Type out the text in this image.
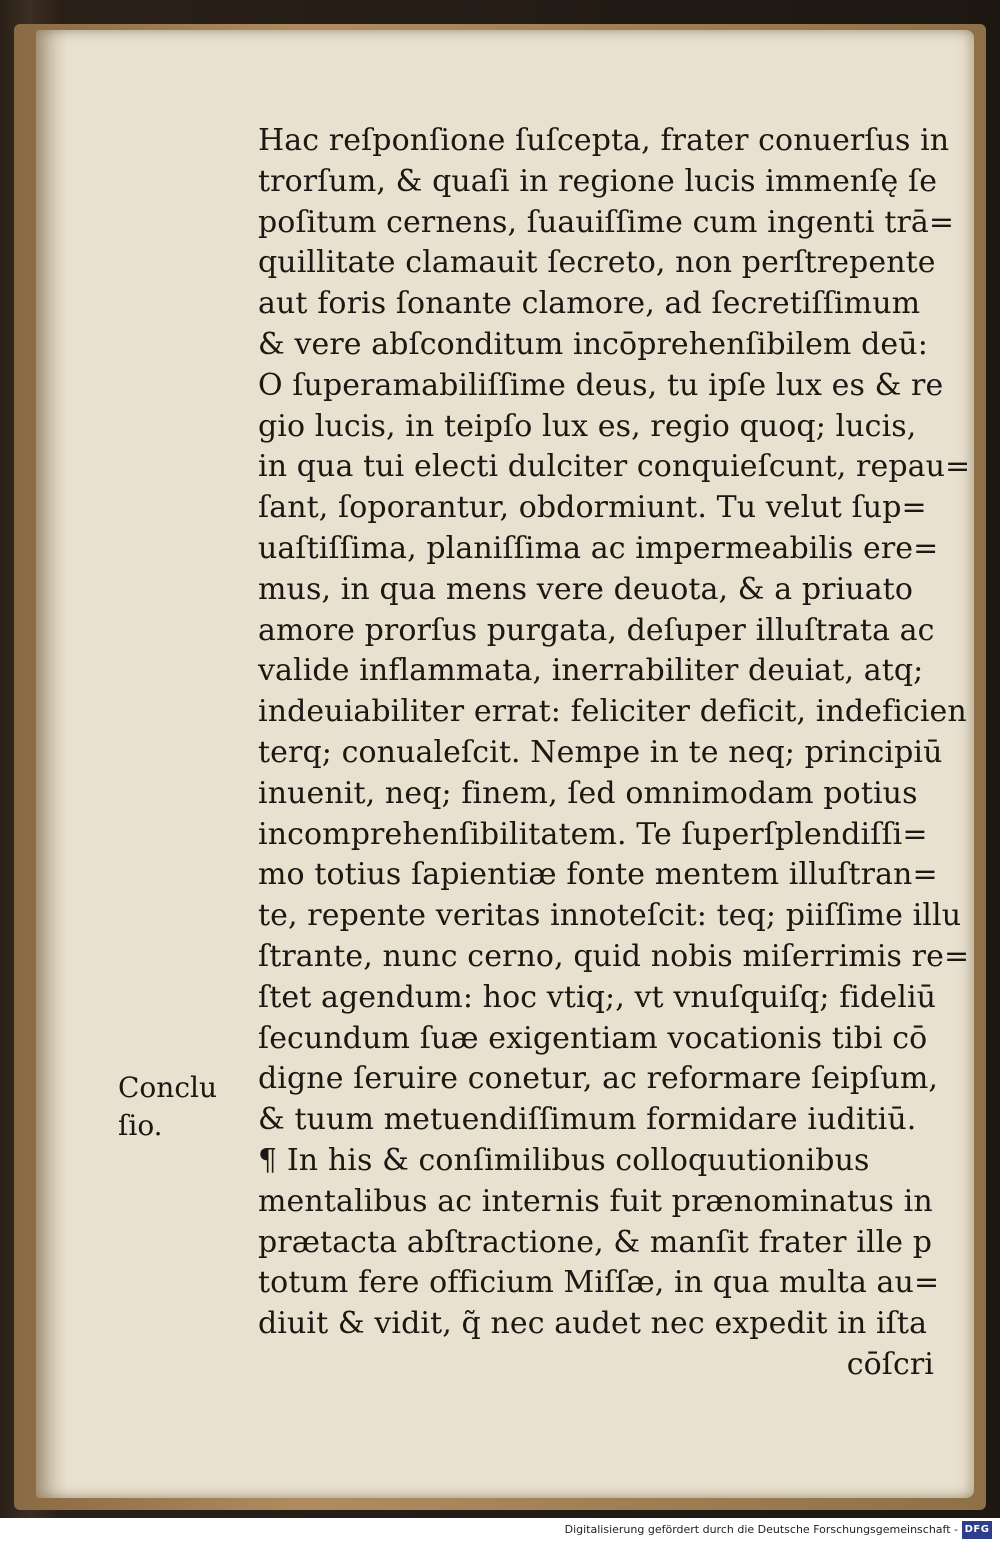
Hac reſponſione ſuſcepta, frater conuerſus in
trorſum, & quaſi in regione lucis immenſę ſe
poſitum cernens, ſuauiſſime cum ingenti trā=
quillitate clamauit ſecreto, non perſtrepente
aut foris ſonante clamore, ad ſecretiſſimum
& vere abſconditum incōprehenſibilem deū:
O ſuperamabiliſſime deus, tu ipſe lux es & re
gio lucis, in teipſo lux es, regio quoq; lucis,
in qua tui electi dulciter conquieſcunt, repau=
ſant, ſoporantur, obdormiunt. Tu velut ſup=
uaſtiſſima, planiſſima ac impermeabilis ere=
mus, in qua mens vere deuota, & a priuato
amore prorſus purgata, deſuper illuſtrata ac
valide inflammata, inerrabiliter deuiat, atq;
indeuiabiliter errat: feliciter deficit, indeficien
terq; conualeſcit. Nempe in te neq; principiū
inuenit, neq; finem, ſed omnimodam potius
incomprehenſibilitatem. Te ſuperſplendiſſi=
mo totius ſapientiæ fonte mentem illuſtran=
te, repente veritas innoteſcit: teq; piiſſime illu
ſtrante, nunc cerno, quid nobis miſerrimis re=
ſtet agendum: hoc vtiq;, vt vnuſquiſq; fideliū
ſecundum ſuæ exigentiam vocationis tibi cō
digne ſeruire conetur, ac reformare ſeipſum,
& tuum metuendiſſimum formidare iuditiū.
¶ In his & conſimilibus colloquutionibus
mentalibus ac internis fuit prænominatus in
prætacta abſtractione, & manſit frater ille p
totum fere officium Miſſæ, in qua multa au=
diuit & vidit, q̃ nec audet nec expedit in iſta
cōſcri
Conclu
ſio.
Digitalisierung gefördert durch die Deutsche Forschungsgemeinschaft - DFG
